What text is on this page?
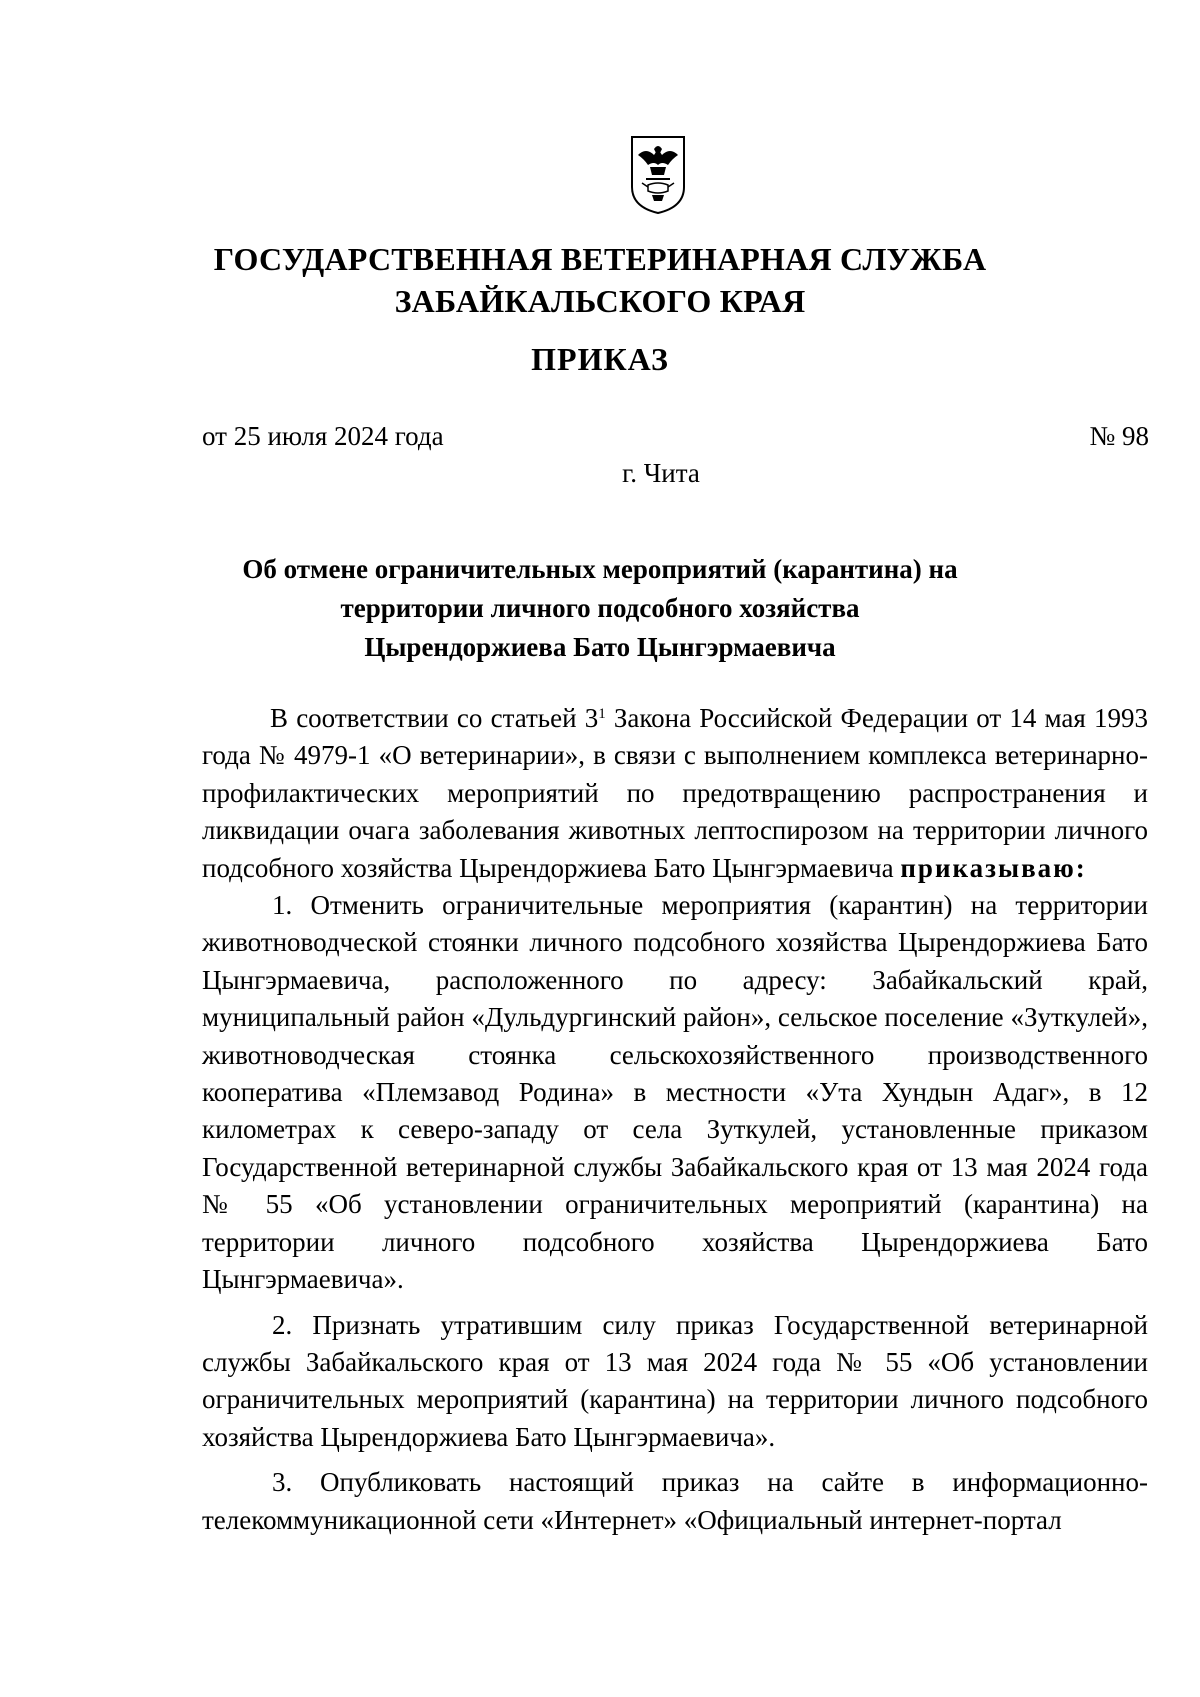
ГОСУДАРСТВЕННАЯ ВЕТЕРИНАРНАЯ СЛУЖБА
ЗАБАЙКАЛЬСКОГО КРАЯ
ПРИКАЗ
от 25 июля 2024 года	№ 98
г. Чита
Об отмене ограничительных мероприятий (карантина) на
территории личного подсобного хозяйства
Цырендоржиева Бато Цынгэрмаевича

В соответствии со статьей $3^1$ Закона Российской Федерации от 14 мая 1993 года № 4979-1 «О ветеринарии», в связи с выполнением комплекса ветеринарно-профилактических мероприятий по предотвращению распространения и ликвидации очага заболевания животных лептоспирозом на территории личного подсобного хозяйства Цырендоржиева Бато Цынгэрмаевича приказываю:

1. Отменить ограничительные мероприятия (карантин) на территории животноводческой стоянки личного подсобного хозяйства Цырендоржиева Бато Цынгэрмаевича, расположенного по адресу: Забайкальский край, муниципальный район «Дульдургинский район», сельское поселение «Зуткулей», животноводческая стоянка сельскохозяйственного производственного кооператива «Племзавод Родина» в местности «Ута Хундын Адаг», в 12 километрах к северо-западу от села Зуткулей, установленные приказом Государственной ветеринарной службы Забайкальского края от 13 мая 2024 года № 55 «Об установлении ограничительных мероприятий (карантина) на территории личного подсобного хозяйства Цырендоржиева Бато Цынгэрмаевича».

2. Признать утратившим силу приказ Государственной ветеринарной службы Забайкальского края от 13 мая 2024 года № 55 «Об установлении ограничительных мероприятий (карантина) на территории личного подсобного хозяйства Цырендоржиева Бато Цынгэрмаевича».

3. Опубликовать настоящий приказ на сайте в информационно-телекоммуникационной сети «Интернет» «Официальный интернет-портал
